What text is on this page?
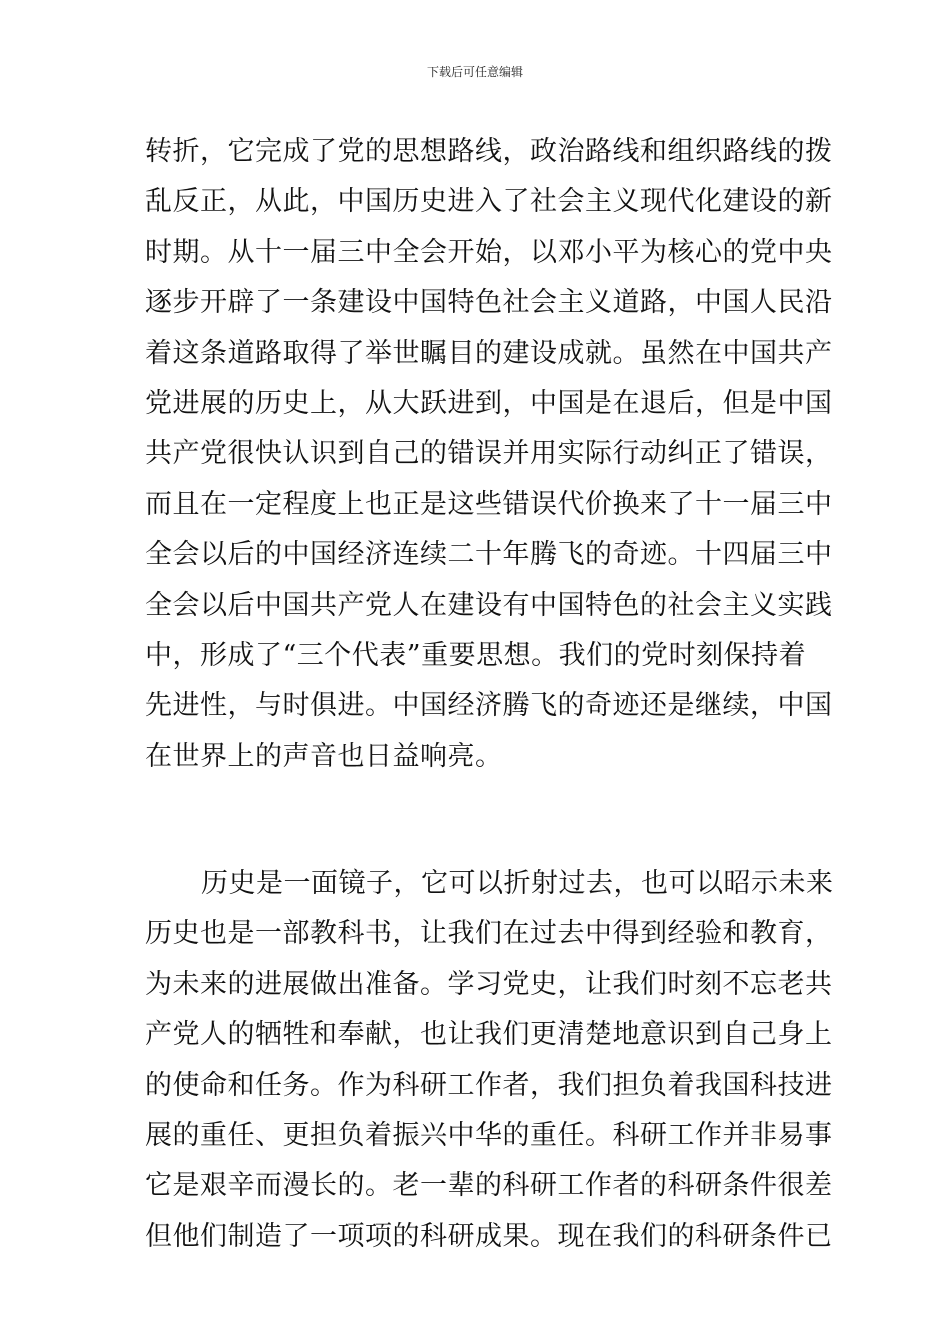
下载后可任意编辑

转折，它完成了党的思想路线，政治路线和组织路线的拨
乱反正，从此，中国历史进入了社会主义现代化建设的新
时期。从十一届三中全会开始，以邓小平为核心的党中央
逐步开辟了一条建设中国特色社会主义道路，中国人民沿
着这条道路取得了举世瞩目的建设成就。虽然在中国共产
党进展的历史上，从大跃进到，中国是在退后，但是中国
共产党很快认识到自己的错误并用实际行动纠正了错误，
而且在一定程度上也正是这些错误代价换来了十一届三中
全会以后的中国经济连续二十年腾飞的奇迹。十四届三中
全会以后中国共产党人在建设有中国特色的社会主义实践
中，形成了“三个代表”重要思想。我们的党时刻保持着
先进性，与时俱进。中国经济腾飞的奇迹还是继续，中国
在世界上的声音也日益响亮。

历史是一面镜子，它可以折射过去，也可以昭示未来
历史也是一部教科书，让我们在过去中得到经验和教育，
为未来的进展做出准备。学习党史，让我们时刻不忘老共
产党人的牺牲和奉献，也让我们更清楚地意识到自己身上
的使命和任务。作为科研工作者，我们担负着我国科技进
展的重任、更担负着振兴中华的重任。科研工作并非易事
它是艰辛而漫长的。老一辈的科研工作者的科研条件很差
但他们制造了一项项的科研成果。现在我们的科研条件已
